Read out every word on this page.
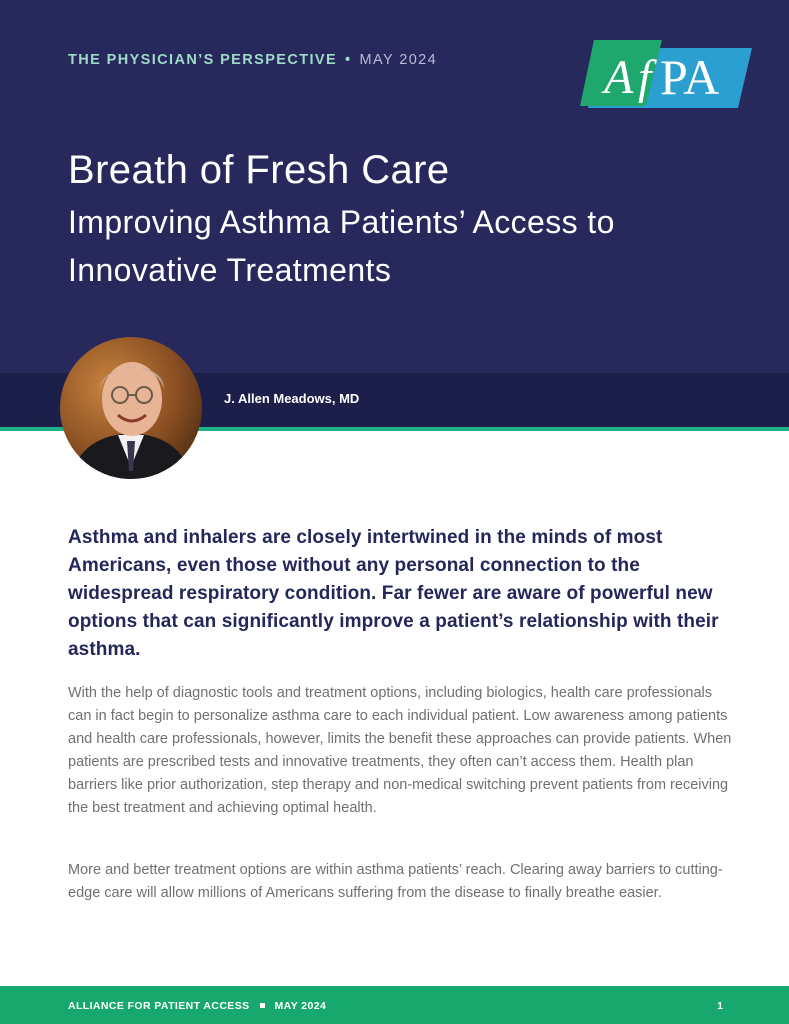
THE PHYSICIAN’S PERSPECTIVE • MAY 2024	A f PA
Breath of Fresh Care
Improving Asthma Patients’ Access to Innovative Treatments
J. Allen Meadows, MD

Asthma and inhalers are closely intertwined in the minds of most Americans, even those without any personal connection to the widespread respiratory condition. Far fewer are aware of powerful new options that can significantly improve a patient’s relationship with their asthma.

With the help of diagnostic tools and treatment options, including biologics, health care professionals can in fact begin to personalize asthma care to each individual patient. Low awareness among patients and health care professionals, however, limits the benefit these approaches can provide patients. When patients are prescribed tests and innovative treatments, they often can’t access them. Health plan barriers like prior authorization, step therapy and non-medical switching prevent patients from receiving the best treatment and achieving optimal health.

More and better treatment options are within asthma patients’ reach. Clearing away barriers to cutting-edge care will allow millions of Americans suffering from the disease to finally breathe easier.

ALLIANCE FOR PATIENT ACCESS MAY 2024	1
